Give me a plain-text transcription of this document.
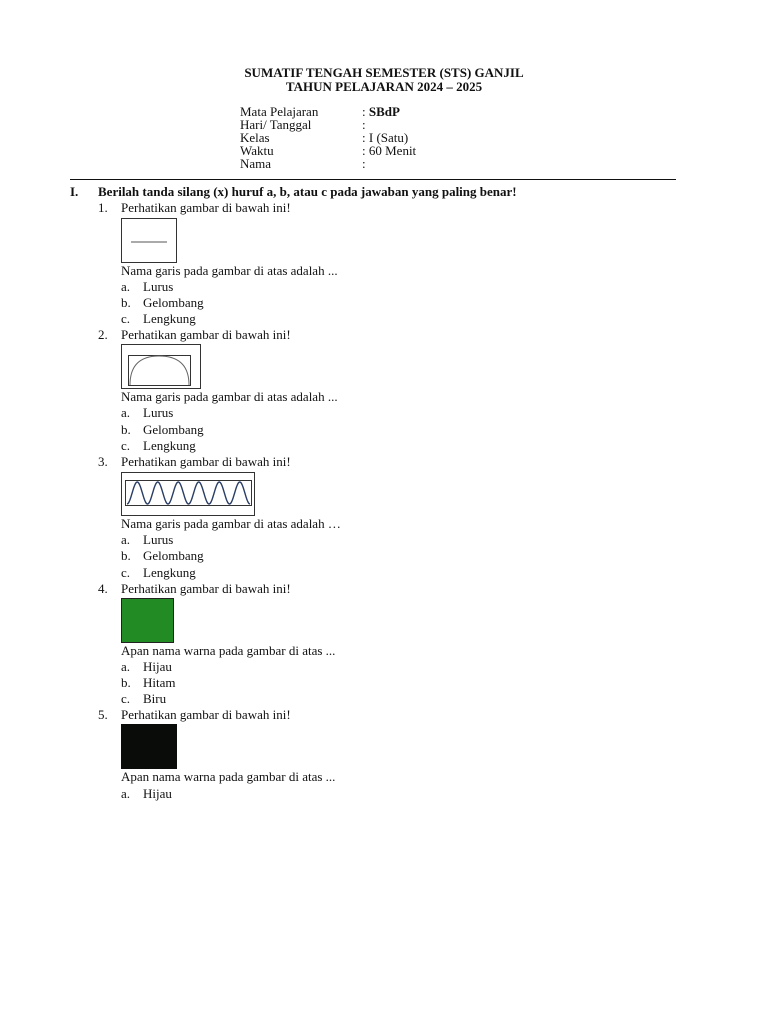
SUMATIF TENGAH SEMESTER (STS) GANJIL
TAHUN PELAJARAN 2024 – 2025
Mata Pelajaran	: SBdP
Hari/ Tanggal	:
Kelas	: I (Satu)
Waktu	: 60 Menit
Nama	:
I.	Berilah tanda silang (x) huruf a, b, atau c pada jawaban yang paling benar!
1.	Perhatikan gambar di bawah ini!
Nama garis pada gambar di atas adalah ...
a. Lurus
b. Gelombang
c. Lengkung
2.	Perhatikan gambar di bawah ini!
Nama garis pada gambar di atas adalah ...
a. Lurus
b. Gelombang
c. Lengkung
3.	Perhatikan gambar di bawah ini!
Nama garis pada gambar di atas adalah …
a. Lurus
b. Gelombang
c. Lengkung
4.	Perhatikan gambar di bawah ini!
Apan nama warna pada gambar di atas ...
a. Hijau
b. Hitam
c. Biru
5.	Perhatikan gambar di bawah ini!
Apan nama warna pada gambar di atas ...
a. Hijau
